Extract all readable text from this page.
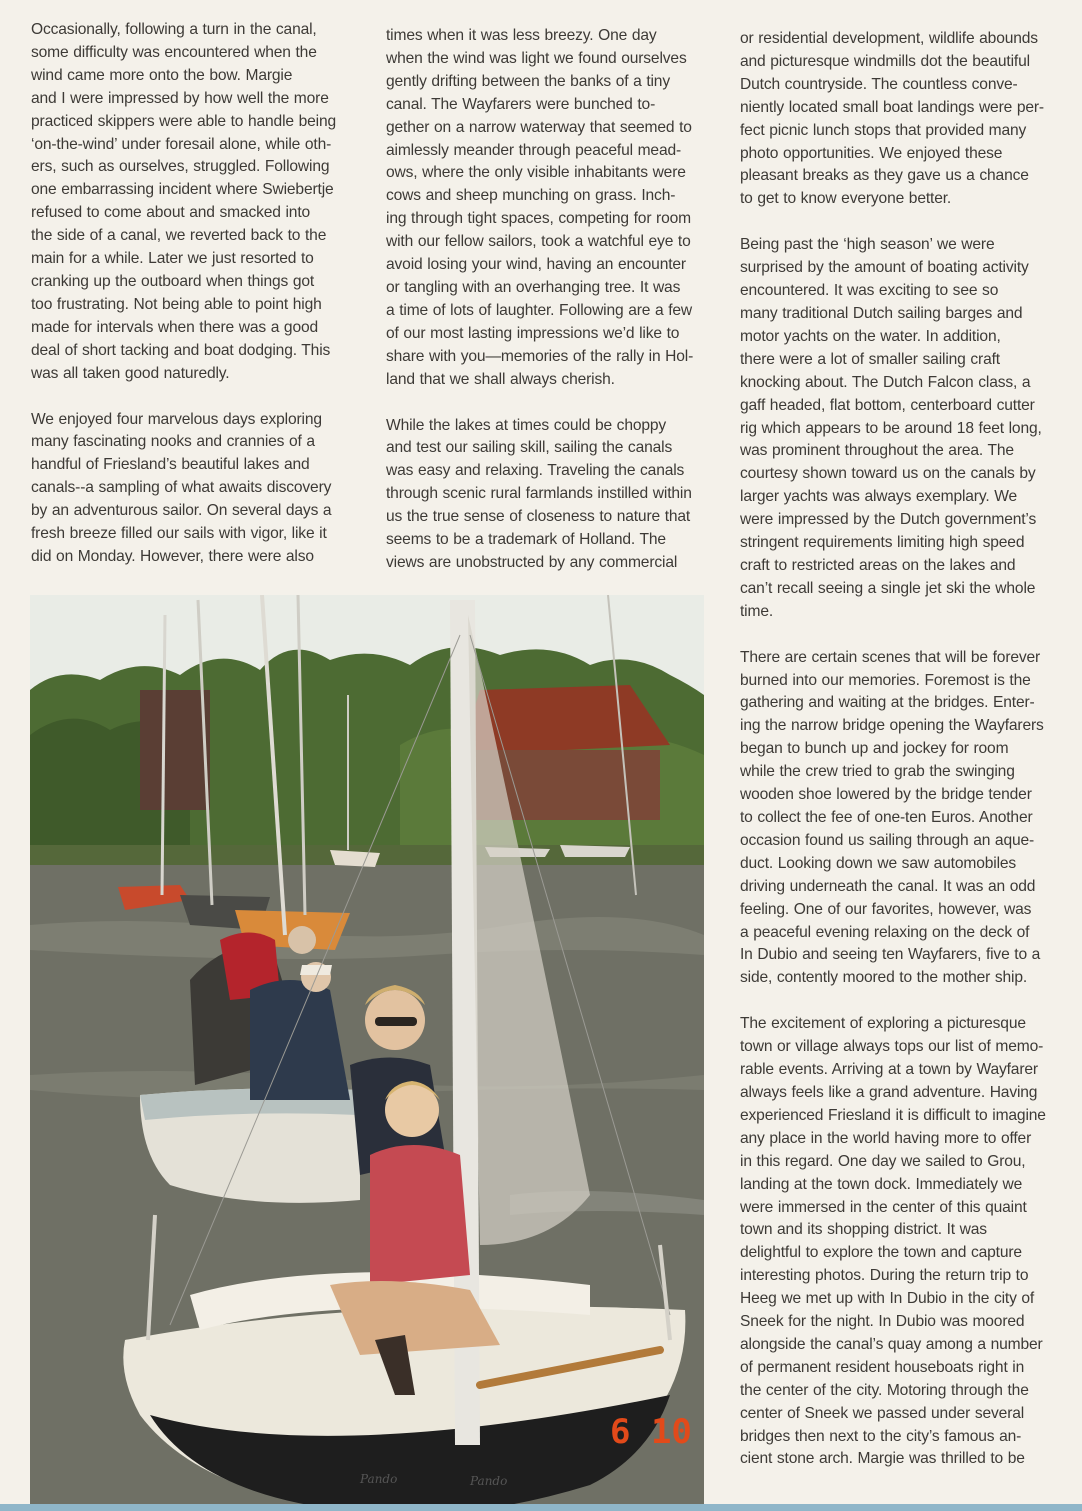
Occasionally, following a turn in the canal,
some difficulty was encountered when the
wind came more onto the bow. Margie
and I were impressed by how well the more
practiced skippers were able to handle being
‘on-the-wind’ under foresail alone, while oth-
ers, such as ourselves, struggled. Following
one embarrassing incident where Swiebertje
refused to come about and smacked into
the side of a canal, we reverted back to the
main for a while. Later we just resorted to
cranking up the outboard when things got
too frustrating. Not being able to point high
made for intervals when there was a good
deal of short tacking and boat dodging. This
was all taken good naturedly.

We enjoyed four marvelous days exploring
many fascinating nooks and crannies of a
handful of Friesland’s beautiful lakes and
canals--a sampling of what awaits discovery
by an adventurous sailor. On several days a
fresh breeze filled our sails with vigor, like it
did on Monday. However, there were also

times when it was less breezy. One day
when the wind was light we found ourselves
gently drifting between the banks of a tiny
canal. The Wayfarers were bunched to-
gether on a narrow waterway that seemed to
aimlessly meander through peaceful mead-
ows, where the only visible inhabitants were
cows and sheep munching on grass. Inch-
ing through tight spaces, competing for room
with our fellow sailors, took a watchful eye to
avoid losing your wind, having an encounter
or tangling with an overhanging tree. It was
a time of lots of laughter. Following are a few
of our most lasting impressions we’d like to
share with you—memories of the rally in Hol-
land that we shall always cherish.

While the lakes at times could be choppy
and test our sailing skill, sailing the canals
was easy and relaxing. Traveling the canals
through scenic rural farmlands instilled within
us the true sense of closeness to nature that
seems to be a trademark of Holland. The
views are unobstructed by any commercial

or residential development, wildlife abounds
and picturesque windmills dot the beautiful
Dutch countryside. The countless conve-
niently located small boat landings were per-
fect picnic lunch stops that provided many
photo opportunities. We enjoyed these
pleasant breaks as they gave us a chance
to get to know everyone better.

Being past the ‘high season’ we were
surprised by the amount of boating activity
encountered. It was exciting to see so
many traditional Dutch sailing barges and
motor yachts on the water. In addition,
there were a lot of smaller sailing craft
knocking about. The Dutch Falcon class, a
gaff headed, flat bottom, centerboard cutter
rig which appears to be around 18 feet long,
was prominent throughout the area. The
courtesy shown toward us on the canals by
larger yachts was always exemplary. We
were impressed by the Dutch government’s
stringent requirements limiting high speed
craft to restricted areas on the lakes and
can’t recall seeing a single jet ski the whole
time.

There are certain scenes that will be forever
burned into our memories. Foremost is the
gathering and waiting at the bridges. Enter-
ing the narrow bridge opening the Wayfarers
began to bunch up and jockey for room
while the crew tried to grab the swinging
wooden shoe lowered by the bridge tender
to collect the fee of one-ten Euros. Another
occasion found us sailing through an aque-
duct. Looking down we saw automobiles
driving underneath the canal. It was an odd
feeling. One of our favorites, however, was
a peaceful evening relaxing on the deck of
In Dubio and seeing ten Wayfarers, five to a
side, contently moored to the mother ship.

The excitement of exploring a picturesque
town or village always tops our list of memo-
rable events. Arriving at a town by Wayfarer
always feels like a grand adventure. Having
experienced Friesland it is difficult to imagine
any place in the world having more to offer
in this regard. One day we sailed to Grou,
landing at the town dock. Immediately we
were immersed in the center of this quaint
town and its shopping district. It was
delightful to explore the town and capture
interesting photos. During the return trip to
Heeg we met up with In Dubio in the city of
Sneek for the night. In Dubio was moored
alongside the canal’s quay among a number
of permanent resident houseboats right in
the center of the city. Motoring through the
center of Sneek we passed under several
bridges then next to the city’s famous an-
cient stone arch. Margie was thrilled to be

Pando	Pando
6 10
